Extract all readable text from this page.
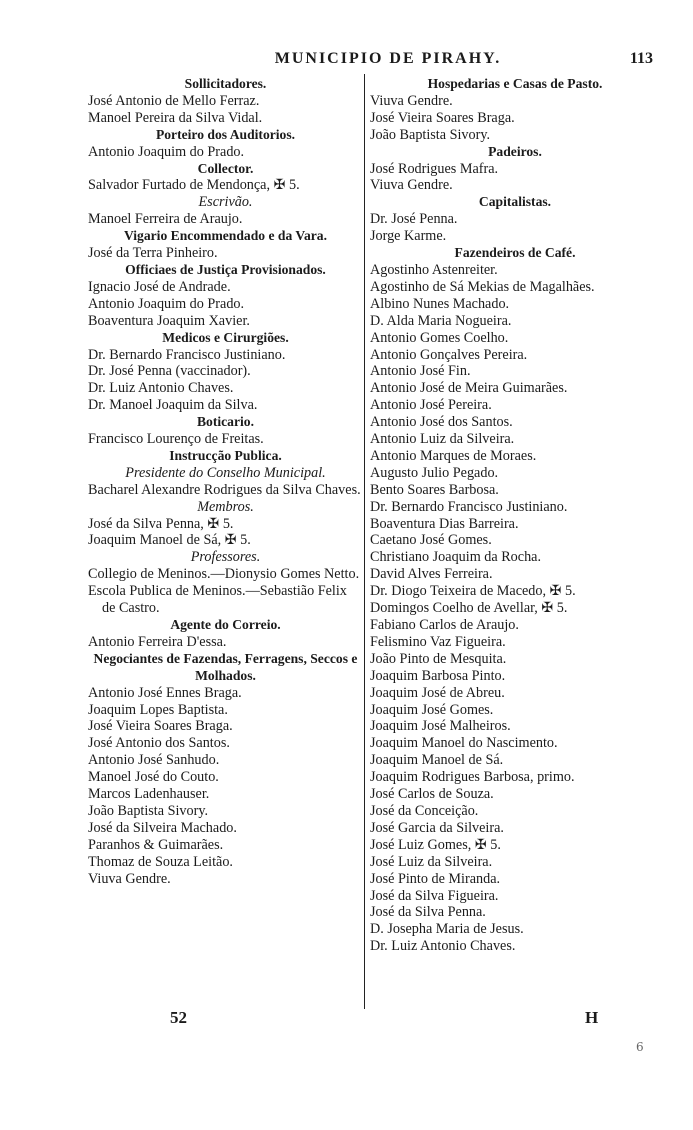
MUNICIPIO DE PIRAHY.	113
Sollicitadores.
José Antonio de Mello Ferraz.
Manoel Pereira da Silva Vidal.
Porteiro dos Auditorios.
Antonio Joaquim do Prado.
Collector.
Salvador Furtado de Mendonça, ✠ 5.
Escrivão.
Manoel Ferreira de Araujo.
Vigario Encommendado e da Vara.
José da Terra Pinheiro.
Officiaes de Justiça Provisionados.
Ignacio José de Andrade.
Antonio Joaquim do Prado.
Boaventura Joaquim Xavier.
Medicos e Cirurgiões.
Dr. Bernardo Francisco Justiniano.
Dr. José Penna (vaccinador).
Dr. Luiz Antonio Chaves.
Dr. Manoel Joaquim da Silva.
Boticario.
Francisco Lourenço de Freitas.
Instrucção Publica.
Presidente do Conselho Municipal.
Bacharel Alexandre Rodrigues da Silva Chaves.
Membros.
José da Silva Penna, ✠ 5.
Joaquim Manoel de Sá, ✠ 5.
Professores.
Collegio de Meninos.—Dionysio Gomes Netto.
Escola Publica de Meninos.—Sebastião Felix de Castro.
Agente do Correio.
Antonio Ferreira D'essa.
Negociantes de Fazendas, Ferragens, Seccos e Molhados.
Antonio José Ennes Braga.
Joaquim Lopes Baptista.
José Vieira Soares Braga.
José Antonio dos Santos.
Antonio José Sanhudo.
Manoel José do Couto.
Marcos Ladenhauser.
João Baptista Sivory.
José da Silveira Machado.
Paranhos & Guimarães.
Thomaz de Souza Leitão.
Viuva Gendre.
Hospedarias e Casas de Pasto.
Viuva Gendre.
José Vieira Soares Braga.
João Baptista Sivory.
Padeiros.
José Rodrigues Mafra.
Viuva Gendre.
Capitalistas.
Dr. José Penna.
Jorge Karme.
Fazendeiros de Café.
Agostinho Astenreiter.
Agostinho de Sá Mekias de Magalhães.
Albino Nunes Machado.
D. Alda Maria Nogueira.
Antonio Gomes Coelho.
Antonio Gonçalves Pereira.
Antonio José Fin.
Antonio José de Meira Guimarães.
Antonio José Pereira.
Antonio José dos Santos.
Antonio Luiz da Silveira.
Antonio Marques de Moraes.
Augusto Julio Pegado.
Bento Soares Barbosa.
Dr. Bernardo Francisco Justiniano.
Boaventura Dias Barreira.
Caetano José Gomes.
Christiano Joaquim da Rocha.
David Alves Ferreira.
Dr. Diogo Teixeira de Macedo, ✠ 5.
Domingos Coelho de Avellar, ✠ 5.
Fabiano Carlos de Araujo.
Felismino Vaz Figueira.
João Pinto de Mesquita.
Joaquim Barbosa Pinto.
Joaquim José de Abreu.
Joaquim José Gomes.
Joaquim José Malheiros.
Joaquim Manoel do Nascimento.
Joaquim Manoel de Sá.
Joaquim Rodrigues Barbosa, primo.
José Carlos de Souza.
José da Conceição.
José Garcia da Silveira.
José Luiz Gomes, ✠ 5.
José Luiz da Silveira.
José Pinto de Miranda.
José da Silva Figueira.
José da Silva Penna.
D. Josepha Maria de Jesus.
Dr. Luiz Antonio Chaves.
52	H
6
